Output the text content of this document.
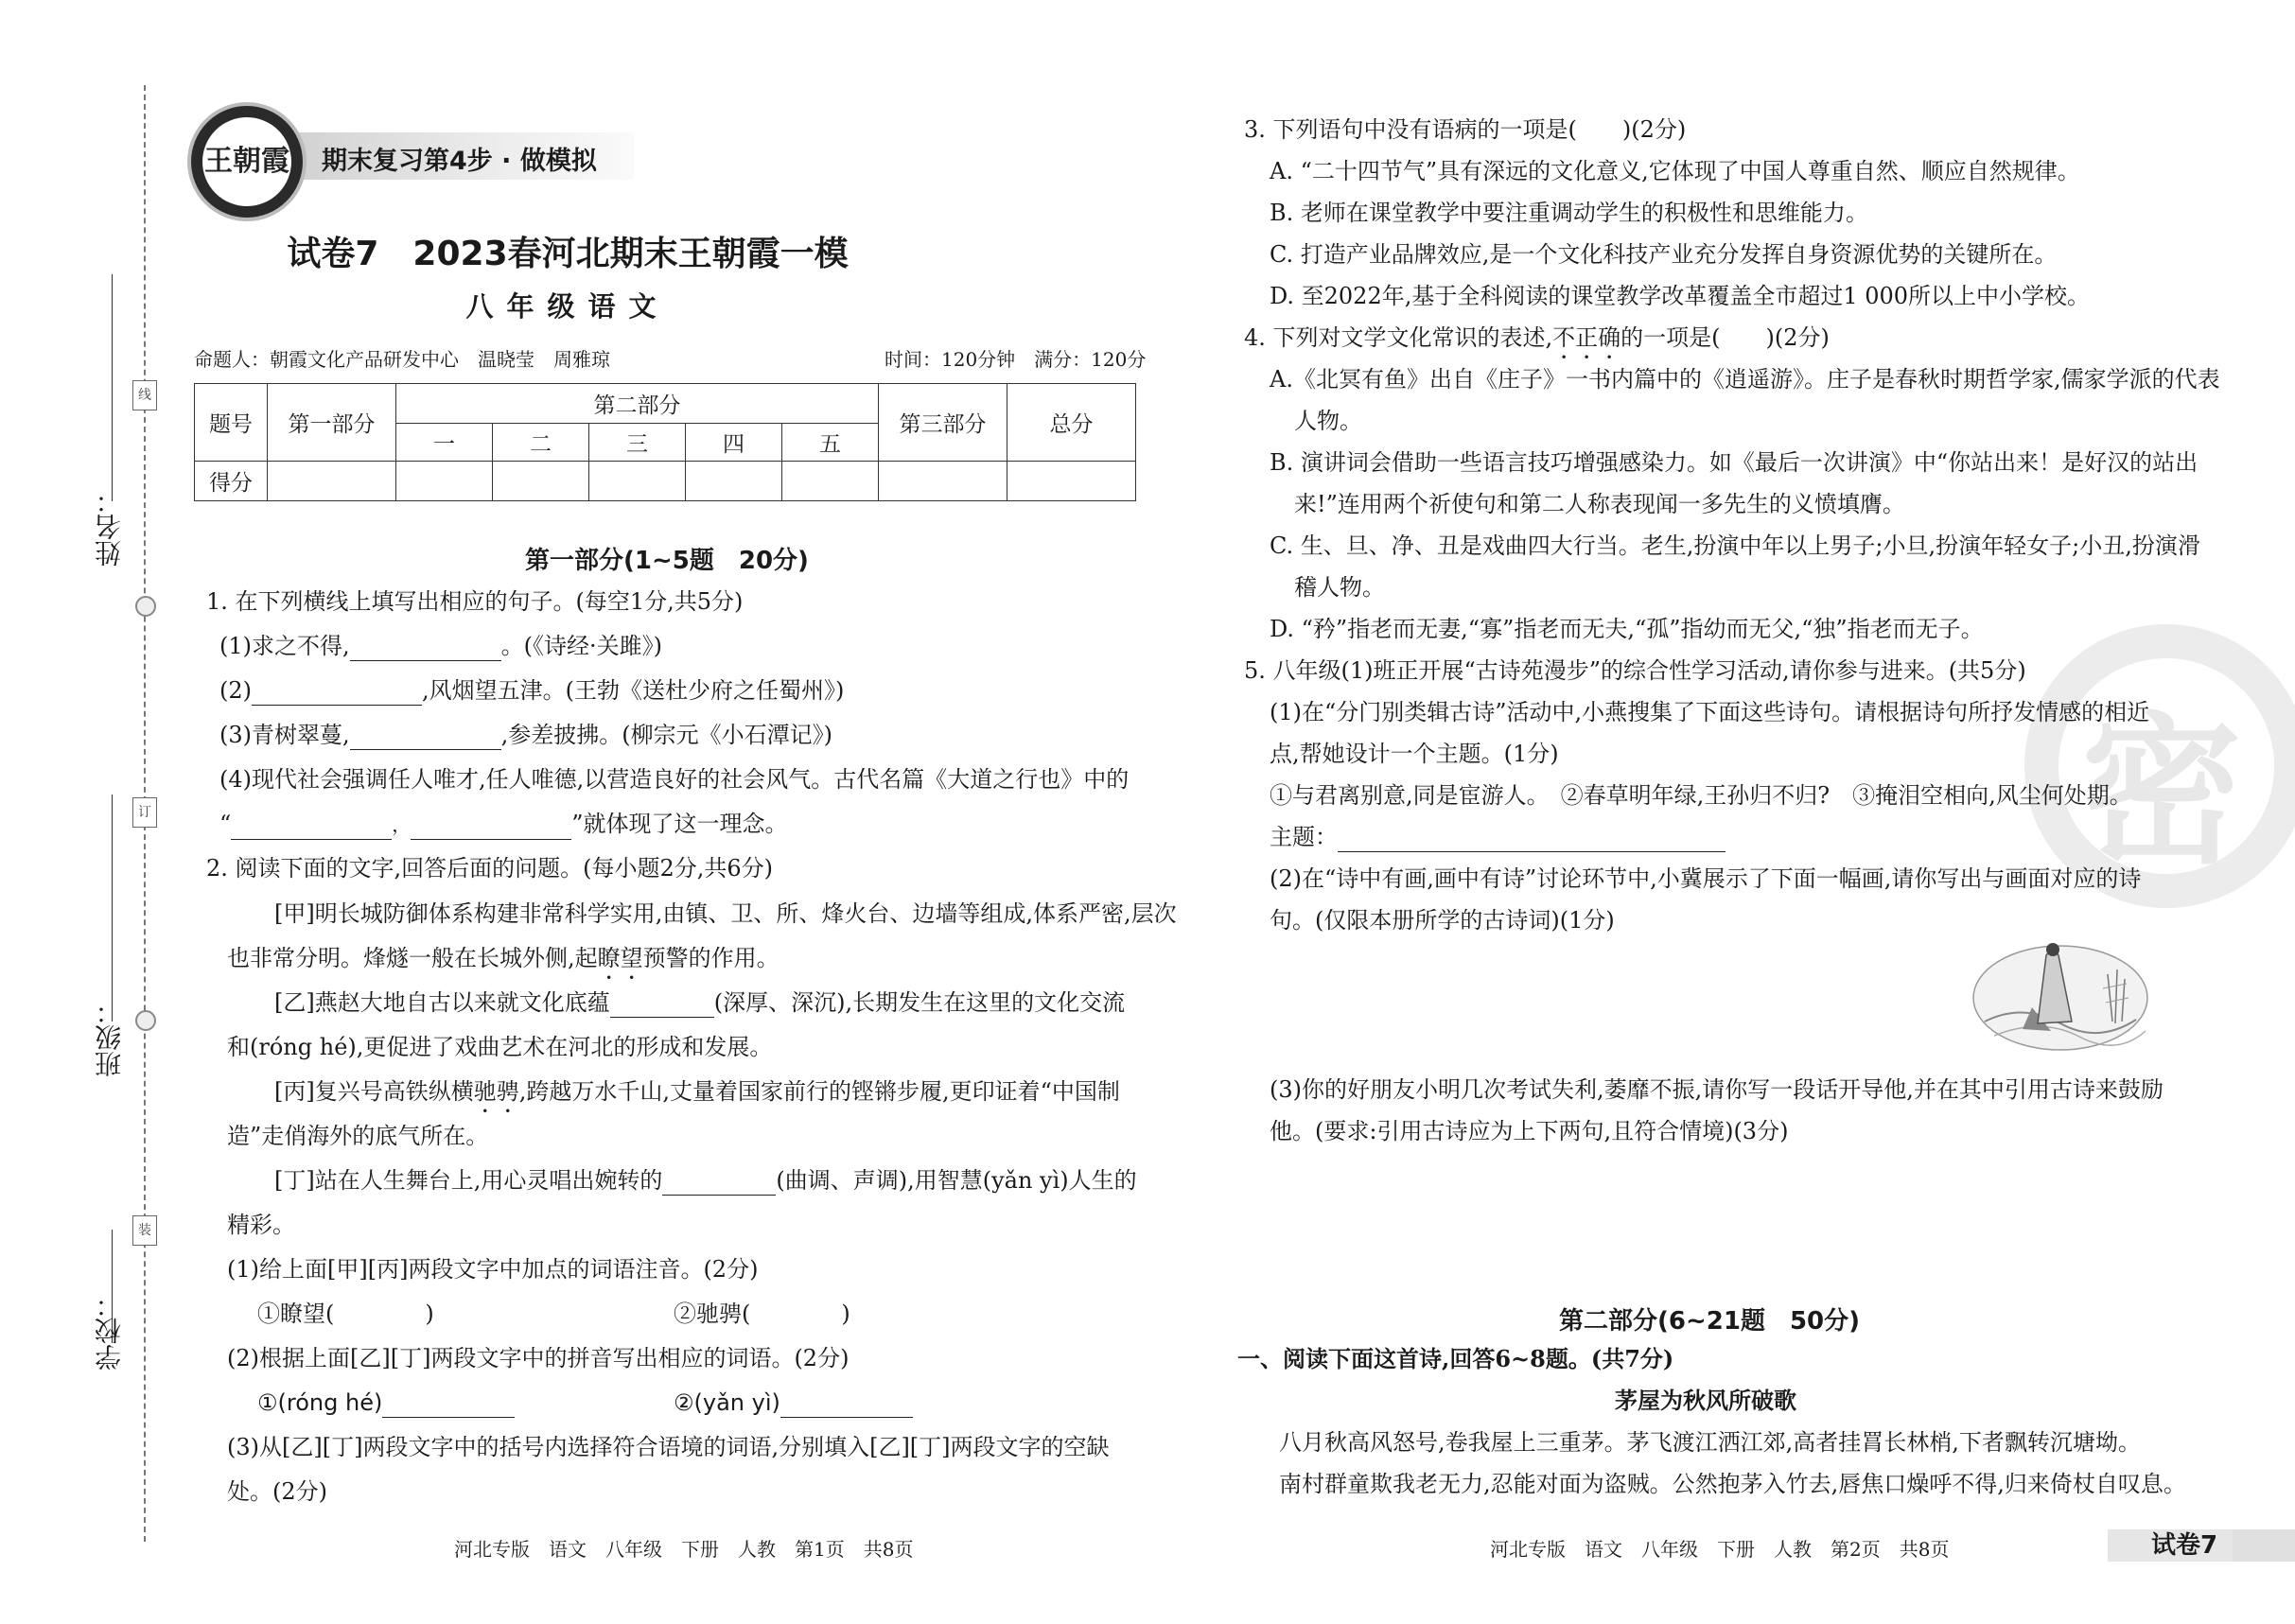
姓名：
班级：
学校：
线
订
装
期末复习第4步 · 做模拟
王朝霞
试卷7　2023春河北期末王朝霞一模
八年级语文
命题人：朝霞文化产品研发中心　温晓莹　周雅琼	时间：120分钟　满分：120分
题号	第一部分	第二部分					第三部分	总分
		一	二	三	四	五		
得分								
第一部分(1~5题　20分)
1. 在下列横线上填写出相应的句子。(每空1分,共5分)
(1)求之不得,	。(《诗经·关雎》)
(2)	,风烟望五津。(王勃《送杜少府之任蜀州》)
(3)青树翠蔓,	,参差披拂。(柳宗元《小石潭记》)
(4)现代社会强调任人唯才,任人唯德,以营造良好的社会风气。古代名篇《大道之行也》中的
“	，	”就体现了这一理念。
2. 阅读下面的文字,回答后面的问题。(每小题2分,共6分)
[甲]明长城防御体系构建非常科学实用,由镇、卫、所、烽火台、边墙等组成,体系严密,层次
也非常分明。烽燧一般在长城外侧,起瞭望预警的作用。
[乙]燕赵大地自古以来就文化底蕴	(深厚、深沉),长期发生在这里的文化交流
和(róng hé),更促进了戏曲艺术在河北的形成和发展。
[丙]复兴号高铁纵横驰骋,跨越万水千山,丈量着国家前行的铿锵步履,更印证着“中国制
造”走俏海外的底气所在。
[丁]站在人生舞台上,用心灵唱出婉转的	(曲调、声调),用智慧(yǎn yì)人生的
精彩。
(1)给上面[甲][丙]两段文字中加点的词语注音。(2分)
①瞭望(　　　　)	②驰骋(　　　　)
(2)根据上面[乙][丁]两段文字中的拼音写出相应的词语。(2分)
①(róng hé)	②(yǎn yì)
(3)从[乙][丁]两段文字中的括号内选择符合语境的词语,分别填入[乙][丁]两段文字的空缺
处。(2分)
河北专版　语文　八年级　下册　人教　第1页　共8页
密
3. 下列语句中没有语病的一项是(　　)(2分)
A. “二十四节气”具有深远的文化意义,它体现了中国人尊重自然、顺应自然规律。
B. 老师在课堂教学中要注重调动学生的积极性和思维能力。
C. 打造产业品牌效应,是一个文化科技产业充分发挥自身资源优势的关键所在。
D. 至2022年,基于全科阅读的课堂教学改革覆盖全市超过1 000所以上中小学校。
4. 下列对文学文化常识的表述,不正确的一项是(　　)(2分)
A.《北冥有鱼》出自《庄子》一书内篇中的《逍遥游》。庄子是春秋时期哲学家,儒家学派的代表
人物。
B. 演讲词会借助一些语言技巧增强感染力。如《最后一次讲演》中“你站出来！是好汉的站出
来!”连用两个祈使句和第二人称表现闻一多先生的义愤填膺。
C. 生、旦、净、丑是戏曲四大行当。老生,扮演中年以上男子;小旦,扮演年轻女子;小丑,扮演滑
稽人物。
D. “矜”指老而无妻,“寡”指老而无夫,“孤”指幼而无父,“独”指老而无子。
5. 八年级(1)班正开展“古诗苑漫步”的综合性学习活动,请你参与进来。(共5分)
(1)在“分门别类辑古诗”活动中,小燕搜集了下面这些诗句。请根据诗句所抒发情感的相近
点,帮她设计一个主题。(1分)
①与君离别意,同是宦游人。　②春草明年绿,王孙归不归?　③掩泪空相向,风尘何处期。
主题：
(2)在“诗中有画,画中有诗”讨论环节中,小冀展示了下面一幅画,请你写出与画面对应的诗
句。(仅限本册所学的古诗词)(1分)
(3)你的好朋友小明几次考试失利,萎靡不振,请你写一段话开导他,并在其中引用古诗来鼓励
他。(要求:引用古诗应为上下两句,且符合情境)(3分)
第二部分(6~21题　50分)
一、阅读下面这首诗,回答6~8题。(共7分)
茅屋为秋风所破歌
八月秋高风怒号,卷我屋上三重茅。茅飞渡江洒江郊,高者挂罥长林梢,下者飘转沉塘坳。
南村群童欺我老无力,忍能对面为盗贼。公然抱茅入竹去,唇焦口燥呼不得,归来倚杖自叹息。
河北专版　语文　八年级　下册　人教　第2页　共8页	试卷7
